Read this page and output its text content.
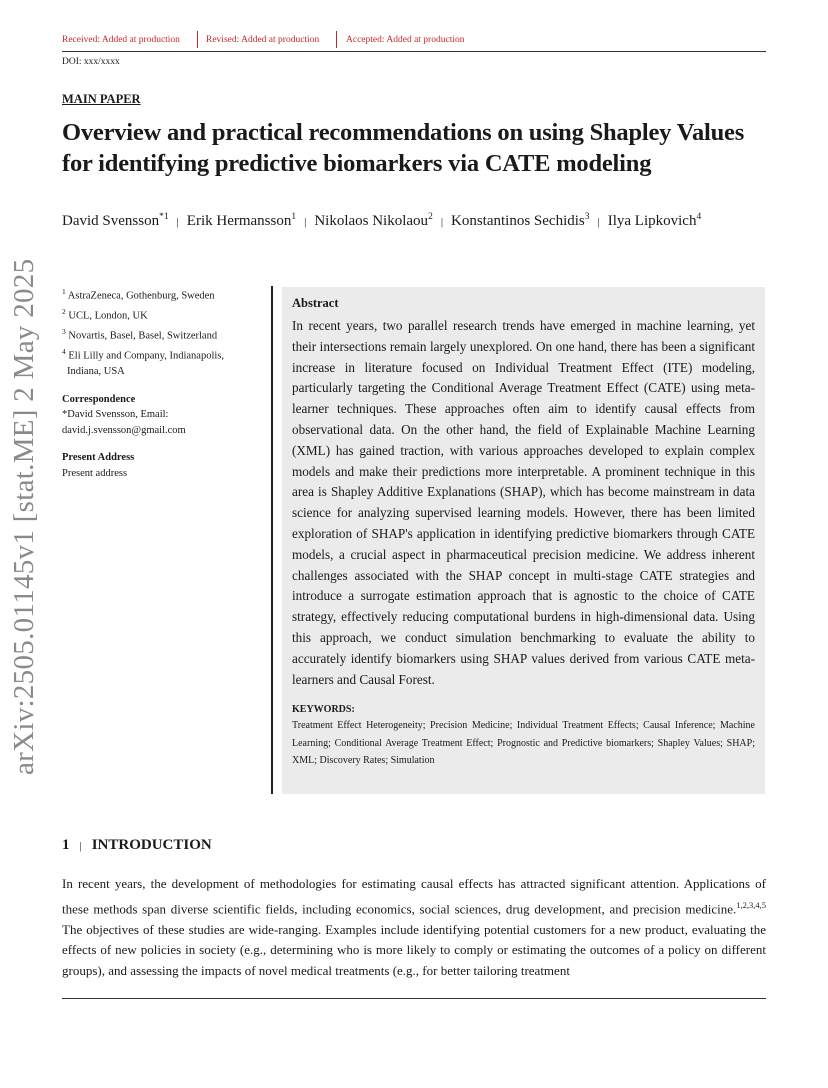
Received: Added at production	Revised: Added at production	Accepted: Added at production
DOI: xxx/xxxx
arXiv:2505.01145v1 [stat.ME] 2 May 2025
MAIN PAPER
Overview and practical recommendations on using Shapley Values for identifying predictive biomarkers via CATE modeling
David Svensson$^{*1}$ | Erik Hermansson$^1$ | Nikolaos Nikolaou$^2$ | Konstantinos Sechidis$^3$ | Ilya Lipkovich$^4$
$^1$ AstraZeneca, Gothenburg, Sweden
$^2$ UCL, London, UK
$^3$ Novartis, Basel, Basel, Switzerland
$^4$ Eli Lilly and Company, Indianapolis,
Indiana, USA
Correspondence
*David Svensson, Email:
david.j.svensson@gmail.com
Present Address
Present address
Abstract
In recent years, two parallel research trends have emerged in machine learning, yet their intersections remain largely unexplored. On one hand, there has been a significant increase in literature focused on Individual Treatment Effect (ITE) modeling, particularly targeting the Conditional Average Treatment Effect (CATE) using meta-learner techniques. These approaches often aim to identify causal effects from observational data. On the other hand, the field of Explainable Machine Learning (XML) has gained traction, with various approaches developed to explain complex models and make their predictions more interpretable. A prominent technique in this area is Shapley Additive Explanations (SHAP), which has become mainstream in data science for analyzing supervised learning models. However, there has been limited exploration of SHAP's application in identifying predictive biomarkers through CATE models, a crucial aspect in pharmaceutical precision medicine. We address inherent challenges associated with the SHAP concept in multi-stage CATE strategies and introduce a surrogate estimation approach that is agnostic to the choice of CATE strategy, effectively reducing computational burdens in high-dimensional data. Using this approach, we conduct simulation benchmarking to evaluate the ability to accurately identify biomarkers using SHAP values derived from various CATE meta-learners and Causal Forest.
KEYWORDS:
Treatment Effect Heterogeneity; Precision Medicine; Individual Treatment Effects; Causal Inference; Machine Learning; Conditional Average Treatment Effect; Prognostic and Predictive biomarkers; Shapley Values; SHAP; XML; Discovery Rates; Simulation
1 | INTRODUCTION
In recent years, the development of methodologies for estimating causal effects has attracted significant attention. Applications of these methods span diverse scientific fields, including economics, social sciences, drug development, and precision medicine.$^{1,2,3,4,5}$ The objectives of these studies are wide-ranging. Examples include identifying potential customers for a new product, evaluating the effects of new policies in society (e.g., determining who is more likely to comply or estimating the outcomes of a policy on different groups), and assessing the impacts of novel medical treatments (e.g., for better tailoring treatment
